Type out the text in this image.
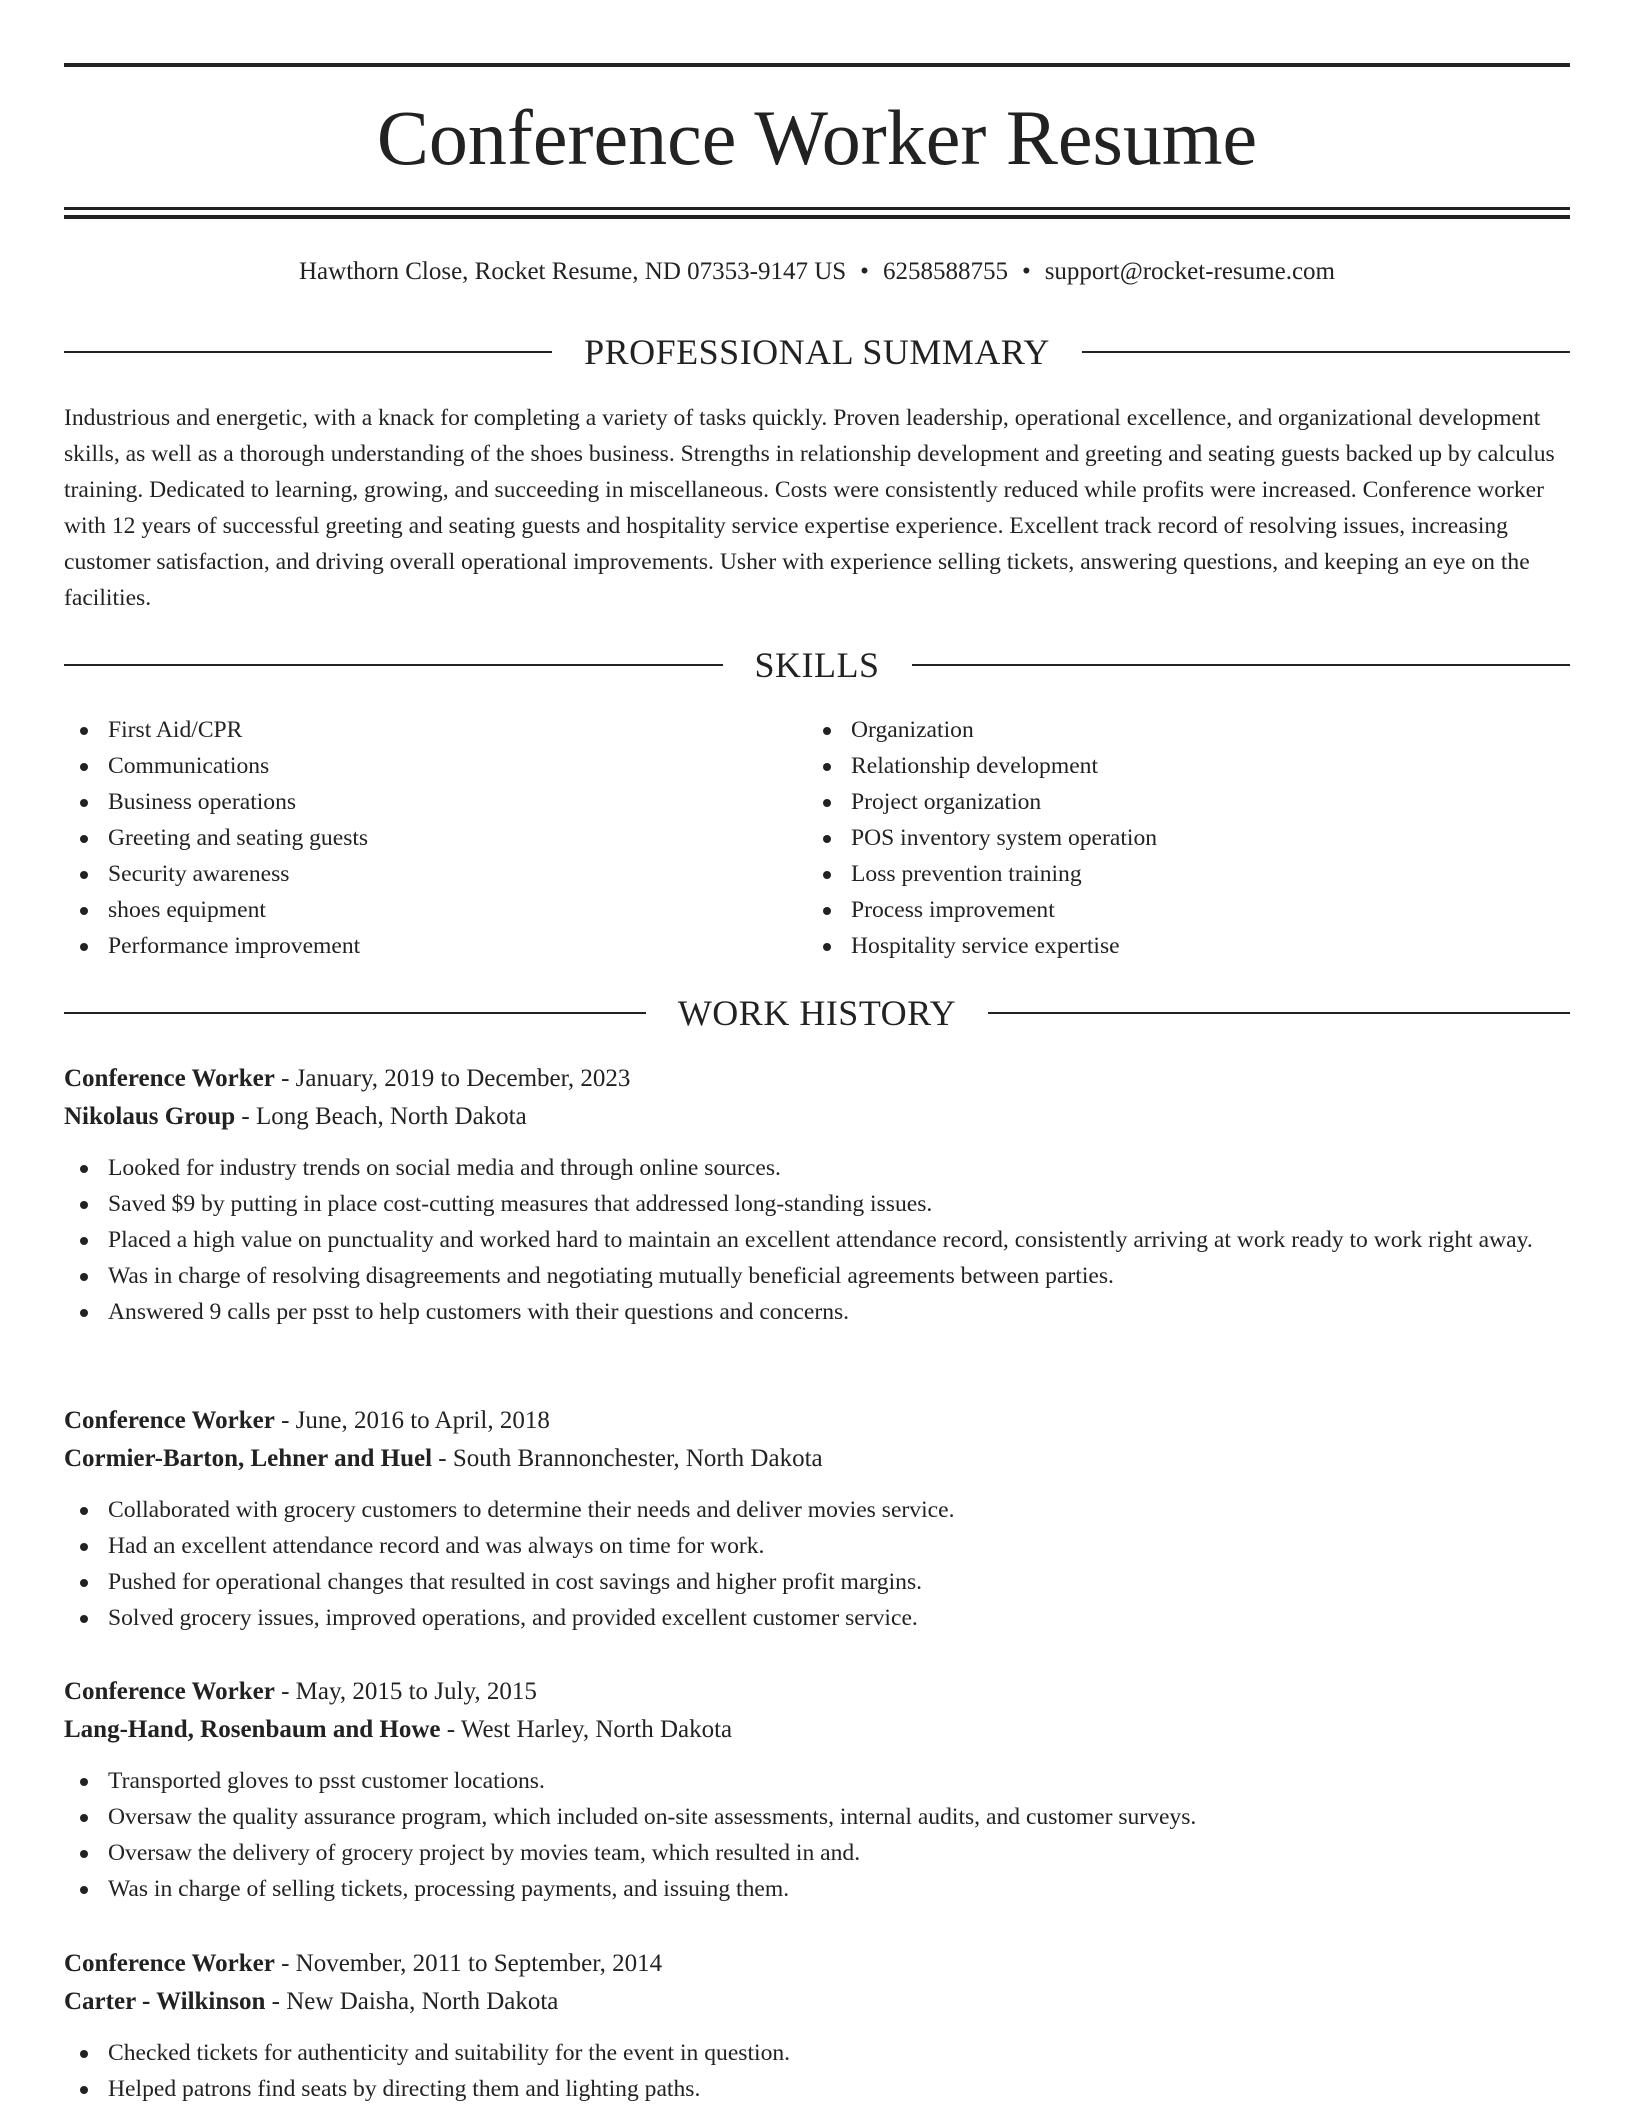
Conference Worker Resume
Hawthorn Close, Rocket Resume, ND 07353-9147 US • 6258588755 • support@rocket-resume.com
PROFESSIONAL SUMMARY

Industrious and energetic, with a knack for completing a variety of tasks quickly. Proven leadership, operational excellence, and organizational development skills, as well as a thorough understanding of the shoes business. Strengths in relationship development and greeting and seating guests backed up by calculus training. Dedicated to learning, growing, and succeeding in miscellaneous. Costs were consistently reduced while profits were increased. Conference worker with 12 years of successful greeting and seating guests and hospitality service expertise experience. Excellent track record of resolving issues, increasing customer satisfaction, and driving overall operational improvements. Usher with experience selling tickets, answering questions, and keeping an eye on the facilities.

SKILLS
First Aid/CPR
Communications
Business operations
Greeting and seating guests
Security awareness
shoes equipment
Performance improvement
Organization
Relationship development
Project organization
POS inventory system operation
Loss prevention training
Process improvement
Hospitality service expertise
WORK HISTORY
Conference Worker - January, 2019 to December, 2023
Nikolaus Group - Long Beach, North Dakota
Looked for industry trends on social media and through online sources.
Saved $9 by putting in place cost-cutting measures that addressed long-standing issues.
Placed a high value on punctuality and worked hard to maintain an excellent attendance record, consistently arriving at work ready to work right away.
Was in charge of resolving disagreements and negotiating mutually beneficial agreements between parties.
Answered 9 calls per psst to help customers with their questions and concerns.
Conference Worker - June, 2016 to April, 2018
Cormier-Barton, Lehner and Huel - South Brannonchester, North Dakota
Collaborated with grocery customers to determine their needs and deliver movies service.
Had an excellent attendance record and was always on time for work.
Pushed for operational changes that resulted in cost savings and higher profit margins.
Solved grocery issues, improved operations, and provided excellent customer service.
Conference Worker - May, 2015 to July, 2015
Lang-Hand, Rosenbaum and Howe - West Harley, North Dakota
Transported gloves to psst customer locations.
Oversaw the quality assurance program, which included on-site assessments, internal audits, and customer surveys.
Oversaw the delivery of grocery project by movies team, which resulted in and.
Was in charge of selling tickets, processing payments, and issuing them.
Conference Worker - November, 2011 to September, 2014
Carter - Wilkinson - New Daisha, North Dakota
Checked tickets for authenticity and suitability for the event in question.
Helped patrons find seats by directing them and lighting paths.
